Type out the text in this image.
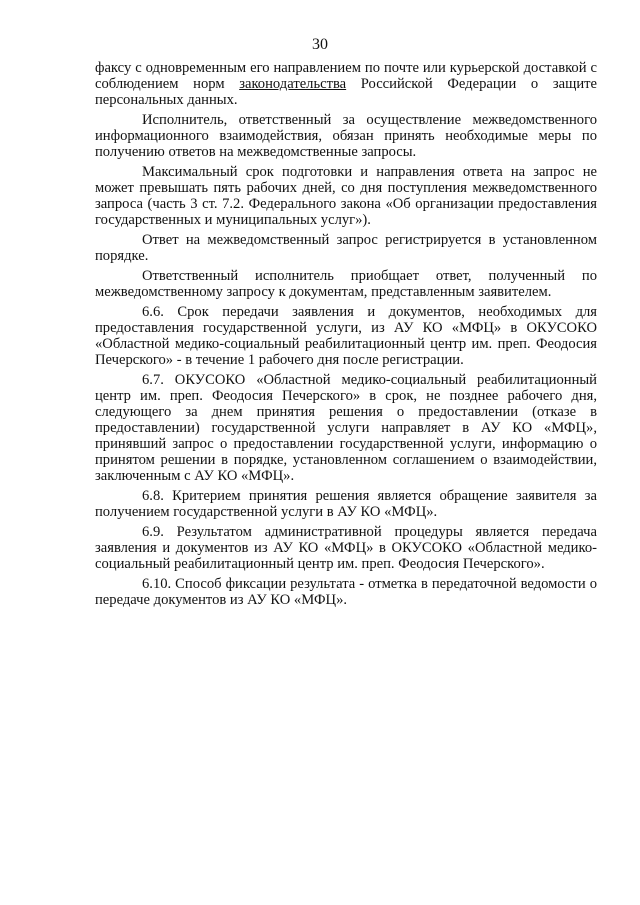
30

факсу с одновременным его направлением по почте или курьерской доставкой с соблюдением норм законодательства Российской Федерации о защите персональных данных.

Исполнитель, ответственный за осуществление межведомственного информационного взаимодействия, обязан принять необходимые меры по получению ответов на межведомственные запросы.

Максимальный срок подготовки и направления ответа на запрос не может превышать пять рабочих дней, со дня поступления межведомственного запроса (часть 3 ст. 7.2. Федерального закона «Об организации предоставления государственных и муниципальных услуг»).

Ответ на межведомственный запрос регистрируется в установленном порядке.

Ответственный исполнитель приобщает ответ, полученный по межведомственному запросу к документам, представленным заявителем.

6.6. Срок передачи заявления и документов, необходимых для предоставления государственной услуги, из АУ КО «МФЦ» в ОКУСОКО «Областной медико-социальный реабилитационный центр им. преп. Феодосия Печерского» - в течение 1 рабочего дня после регистрации.

6.7. ОКУСОКО «Областной медико-социальный реабилитационный центр им. преп. Феодосия Печерского» в срок, не позднее рабочего дня, следующего за днем принятия решения о предоставлении (отказе в предоставлении) государственной услуги направляет в АУ КО «МФЦ», принявший запрос о предоставлении государственной услуги, информацию о принятом решении в порядке, установленном соглашением о взаимодействии, заключенным с АУ КО «МФЦ».

6.8. Критерием принятия решения является обращение заявителя за получением государственной услуги в АУ КО «МФЦ».

6.9. Результатом административной процедуры является передача заявления и документов из АУ КО «МФЦ» в ОКУСОКО «Областной медико-социальный реабилитационный центр им. преп. Феодосия Печерского».

6.10. Способ фиксации результата - отметка в передаточной ведомости о передаче документов из АУ КО «МФЦ».
